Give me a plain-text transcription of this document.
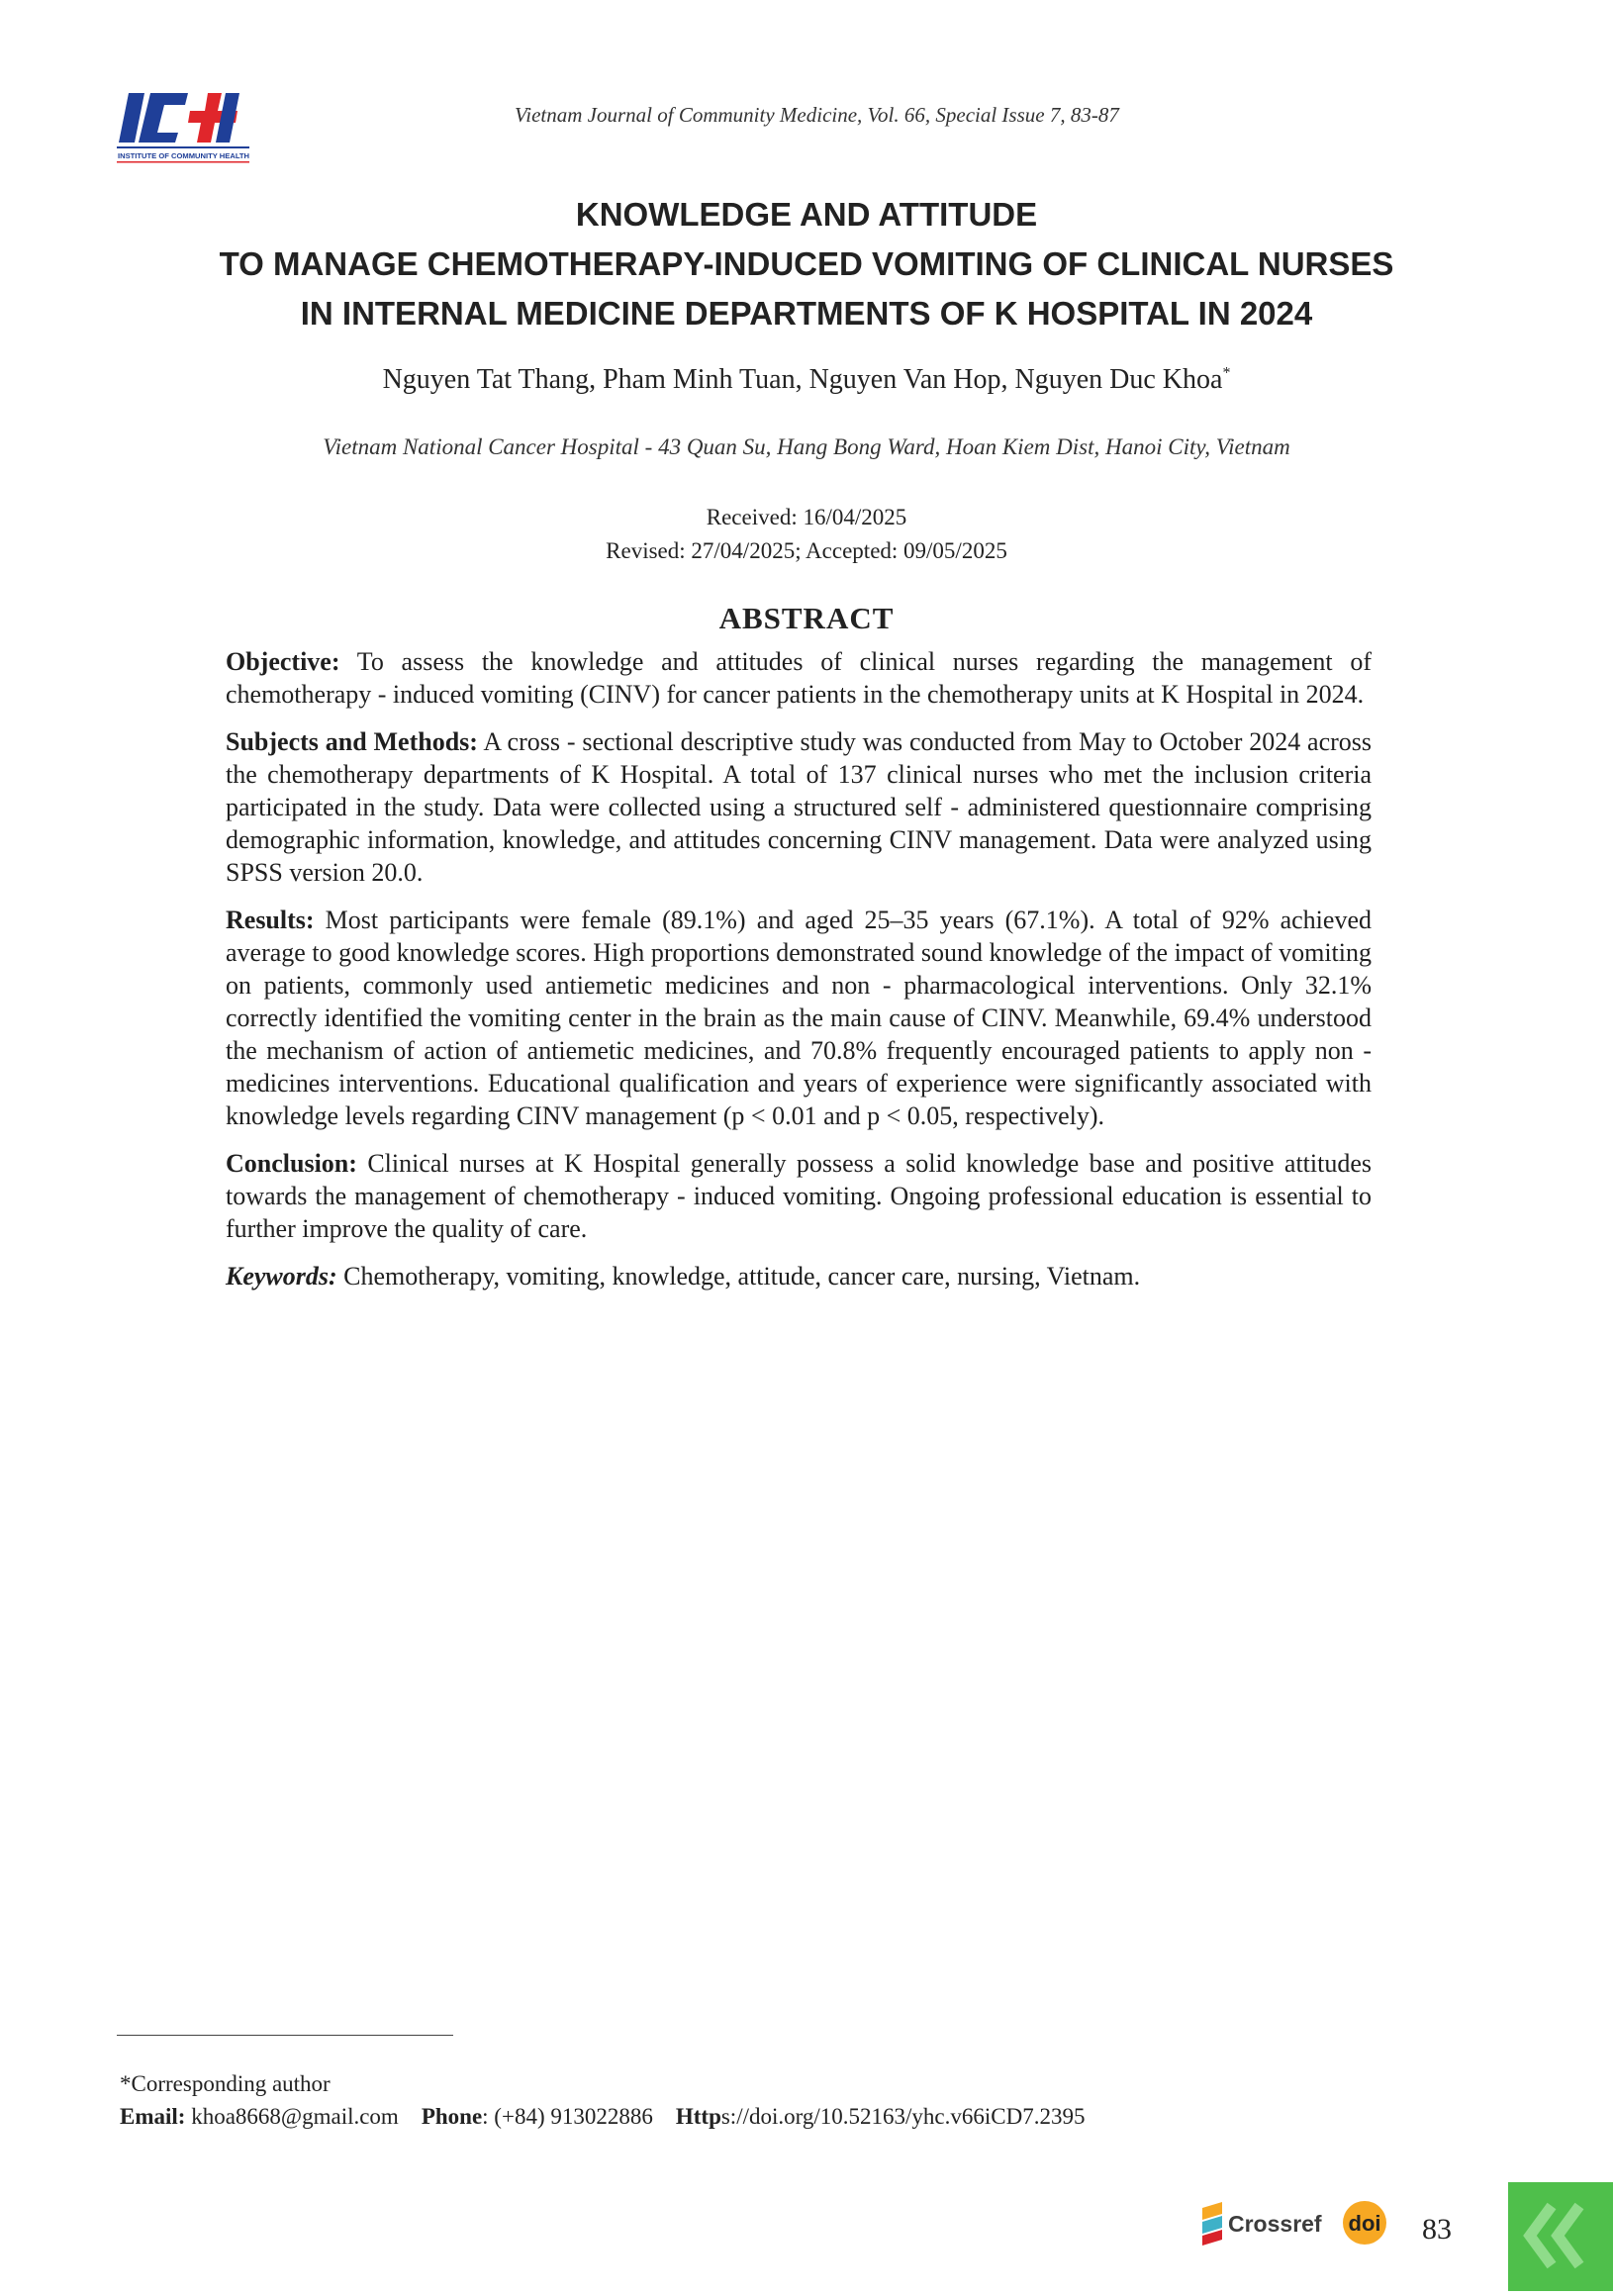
INSTITUTE OF COMMUNITY HEALTH
Vietnam Journal of Community Medicine, Vol. 66, Special Issue 7, 83-87
KNOWLEDGE AND ATTITUDE
TO MANAGE CHEMOTHERAPY-INDUCED VOMITING OF CLINICAL NURSES
IN INTERNAL MEDICINE DEPARTMENTS OF K HOSPITAL IN 2024
Nguyen Tat Thang, Pham Minh Tuan, Nguyen Van Hop, Nguyen Duc Khoa*
Vietnam National Cancer Hospital - 43 Quan Su, Hang Bong Ward, Hoan Kiem Dist, Hanoi City, Vietnam
Received: 16/04/2025
Revised: 27/04/2025; Accepted: 09/05/2025
ABSTRACT

Objective: To assess the knowledge and attitudes of clinical nurses regarding the management of chemotherapy - induced vomiting (CINV) for cancer patients in the chemotherapy units at K Hospital in 2024.

Subjects and Methods: A cross - sectional descriptive study was conducted from May to October 2024 across the chemotherapy departments of K Hospital. A total of 137 clinical nurses who met the inclusion criteria participated in the study. Data were collected using a structured self - administered questionnaire comprising demographic information, knowledge, and attitudes concerning CINV management. Data were analyzed using SPSS version 20.0.

Results: Most participants were female (89.1%) and aged 25–35 years (67.1%). A total of 92% achieved average to good knowledge scores. High proportions demonstrated sound knowledge of the impact of vomiting on patients, commonly used antiemetic medicines and non - pharmacological interventions. Only 32.1% correctly identified the vomiting center in the brain as the main cause of CINV. Meanwhile, 69.4% understood the mechanism of action of antiemetic medicines, and 70.8% frequently encouraged patients to apply non - medicines interventions. Educational qualification and years of experience were significantly associated with knowledge levels regarding CINV management (p < 0.01 and p < 0.05, respectively).

Conclusion: Clinical nurses at K Hospital generally possess a solid knowledge base and positive attitudes towards the management of chemotherapy - induced vomiting. Ongoing professional education is essential to further improve the quality of care.

Keywords: Chemotherapy, vomiting, knowledge, attitude, cancer care, nursing, Vietnam.

*Corresponding author
Email: khoa8668@gmail.com Phone: (+84) 913022886 Https://doi.org/10.52163/yhc.v66iCD7.2395
Crossref doi 83
